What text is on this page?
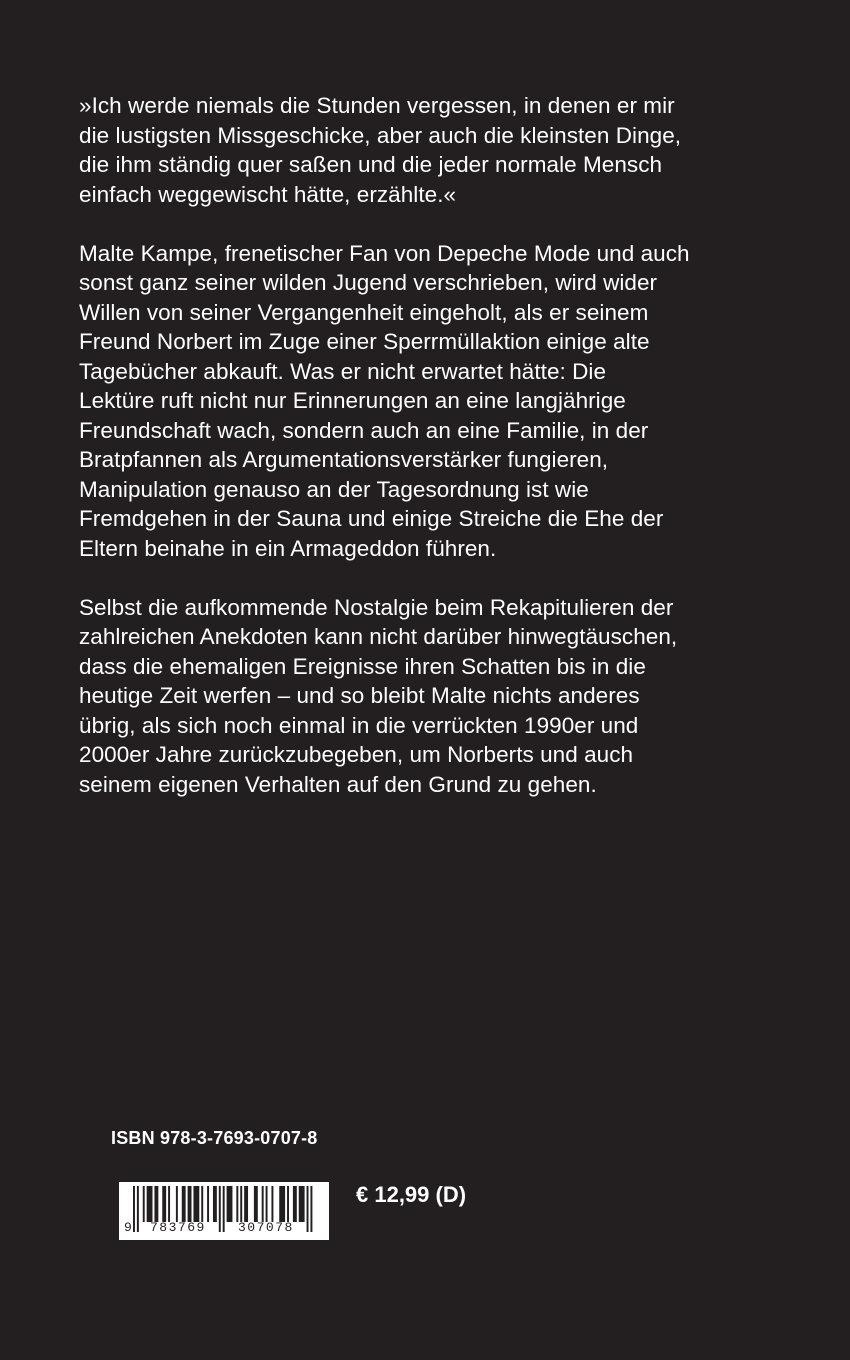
»Ich werde niemals die Stunden vergessen, in denen er mir
die lustigsten Missgeschicke, aber auch die kleinsten Dinge,
die ihm ständig quer saßen und die jeder normale Mensch
einfach weggewischt hätte, erzählte.«

Malte Kampe, frenetischer Fan von Depeche Mode und auch
sonst ganz seiner wilden Jugend verschrieben, wird wider
Willen von seiner Vergangenheit eingeholt, als er seinem
Freund Norbert im Zuge einer Sperrmüllaktion einige alte
Tagebücher abkauft. Was er nicht erwartet hätte: Die
Lektüre ruft nicht nur Erinnerungen an eine langjährige
Freundschaft wach, sondern auch an eine Familie, in der
Bratpfannen als Argumentationsverstärker fungieren,
Manipulation genauso an der Tagesordnung ist wie
Fremdgehen in der Sauna und einige Streiche die Ehe der
Eltern beinahe in ein Armageddon führen.

Selbst die aufkommende Nostalgie beim Rekapitulieren der
zahlreichen Anekdoten kann nicht darüber hinwegtäuschen,
dass die ehemaligen Ereignisse ihren Schatten bis in die
heutige Zeit werfen – und so bleibt Malte nichts anderes
übrig, als sich noch einmal in die verrückten 1990er und
2000er Jahre zurückzubegeben, um Norberts und auch
seinem eigenen Verhalten auf den Grund zu gehen.

ISBN 978-3-7693-0707-8
9 783769 307078
€ 12,99 (D)
